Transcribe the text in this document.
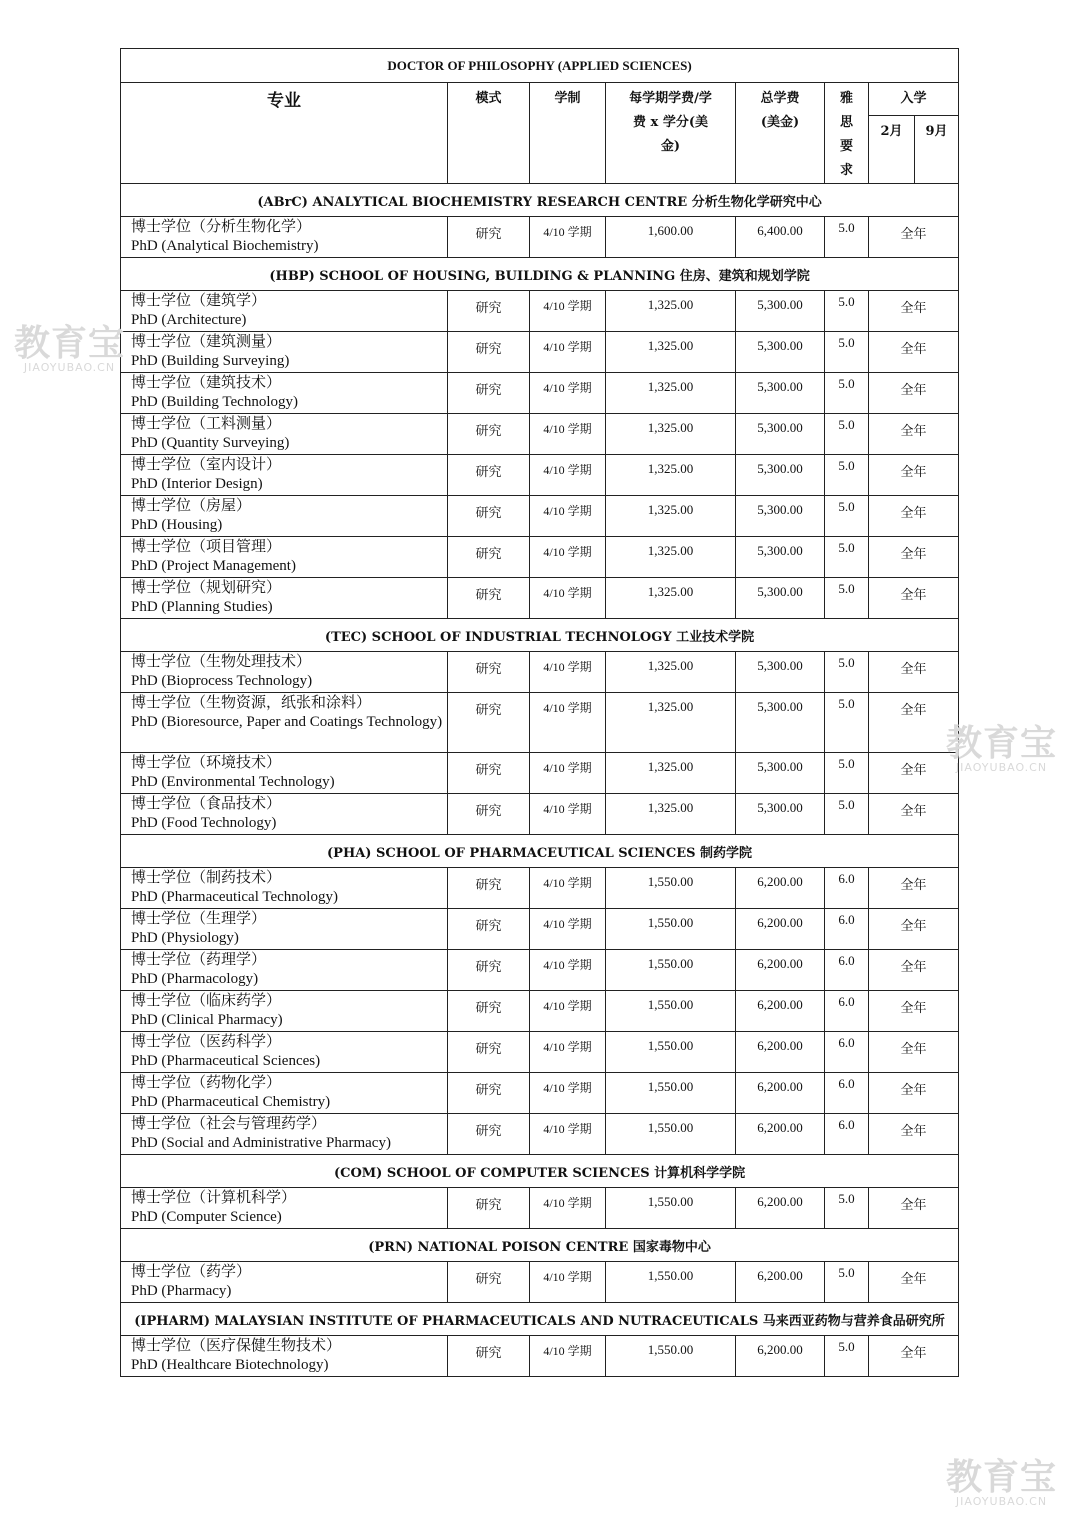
DOCTOR OF PHILOSOPHY (APPLIED SCIENCES)							
专业	模式	学制	每学期学费/学费 x 学分(美金)	总学费(美金)	雅思要求	入学	
						2月	9月
(ABrC) ANALYTICAL BIOCHEMISTRY RESEARCH CENTRE 分析生物化学研究中心							

博士学位（分析生物化学）
PhD (Analytical Biochemistry)	研究	4/10 学期	1,600.00	6,400.00	5.0	全年	
(HBP) SCHOOL OF HOUSING, BUILDING & PLANNING 住房、建筑和规划学院							

博士学位（建筑学）
PhD (Architecture)	研究	4/10 学期	1,325.00	5,300.00	5.0	全年	

博士学位（建筑测量）
PhD (Building Surveying)	研究	4/10 学期	1,325.00	5,300.00	5.0	全年	

博士学位（建筑技术）
PhD (Building Technology)	研究	4/10 学期	1,325.00	5,300.00	5.0	全年	

博士学位（工料测量）
PhD (Quantity Surveying)	研究	4/10 学期	1,325.00	5,300.00	5.0	全年	

博士学位（室内设计）
PhD (Interior Design)	研究	4/10 学期	1,325.00	5,300.00	5.0	全年	

博士学位（房屋）
PhD (Housing)	研究	4/10 学期	1,325.00	5,300.00	5.0	全年	

博士学位（项目管理）
PhD (Project Management)	研究	4/10 学期	1,325.00	5,300.00	5.0	全年	

博士学位（规划研究）
PhD (Planning Studies)	研究	4/10 学期	1,325.00	5,300.00	5.0	全年	
(TEC) SCHOOL OF INDUSTRIAL TECHNOLOGY 工业技术学院							

博士学位（生物处理技术）
PhD (Bioprocess Technology)	研究	4/10 学期	1,325.00	5,300.00	5.0	全年	

博士学位（生物资源，纸张和涂料）
PhD (Bioresource, Paper and Coatings Technology)	研究	4/10 学期	1,325.00	5,300.00	5.0	全年	

博士学位（环境技术）
PhD (Environmental Technology)	研究	4/10 学期	1,325.00	5,300.00	5.0	全年	

博士学位（食品技术）
PhD (Food Technology)	研究	4/10 学期	1,325.00	5,300.00	5.0	全年	
(PHA) SCHOOL OF PHARMACEUTICAL SCIENCES 制药学院							

博士学位（制药技术）
PhD (Pharmaceutical Technology)	研究	4/10 学期	1,550.00	6,200.00	6.0	全年	

博士学位（生理学）
PhD (Physiology)	研究	4/10 学期	1,550.00	6,200.00	6.0	全年	

博士学位（药理学）
PhD (Pharmacology)	研究	4/10 学期	1,550.00	6,200.00	6.0	全年	

博士学位（临床药学）
PhD (Clinical Pharmacy)	研究	4/10 学期	1,550.00	6,200.00	6.0	全年	

博士学位（医药科学）
PhD (Pharmaceutical Sciences)	研究	4/10 学期	1,550.00	6,200.00	6.0	全年	

博士学位（药物化学）
PhD (Pharmaceutical Chemistry)	研究	4/10 学期	1,550.00	6,200.00	6.0	全年	

博士学位（社会与管理药学）
PhD (Social and Administrative Pharmacy)	研究	4/10 学期	1,550.00	6,200.00	6.0	全年	
(COM) SCHOOL OF COMPUTER SCIENCES 计算机科学学院							

博士学位（计算机科学）
PhD (Computer Science)	研究	4/10 学期	1,550.00	6,200.00	5.0	全年	
(PRN) NATIONAL POISON CENTRE 国家毒物中心							

博士学位（药学）
PhD (Pharmacy)	研究	4/10 学期	1,550.00	6,200.00	5.0	全年	
(IPHARM) MALAYSIAN INSTITUTE OF PHARMACEUTICALS AND NUTRACEUTICALS 马来西亚药物与营养食品研究所							

博士学位（医疗保健生物技术）
PhD (Healthcare Biotechnology)	研究	4/10 学期	1,550.00	6,200.00	5.0	全年	
教育宝
JIAOYUBAO.CN
教育宝
JIAOYUBAO.CN
教育宝
JIAOYUBAO.CN
